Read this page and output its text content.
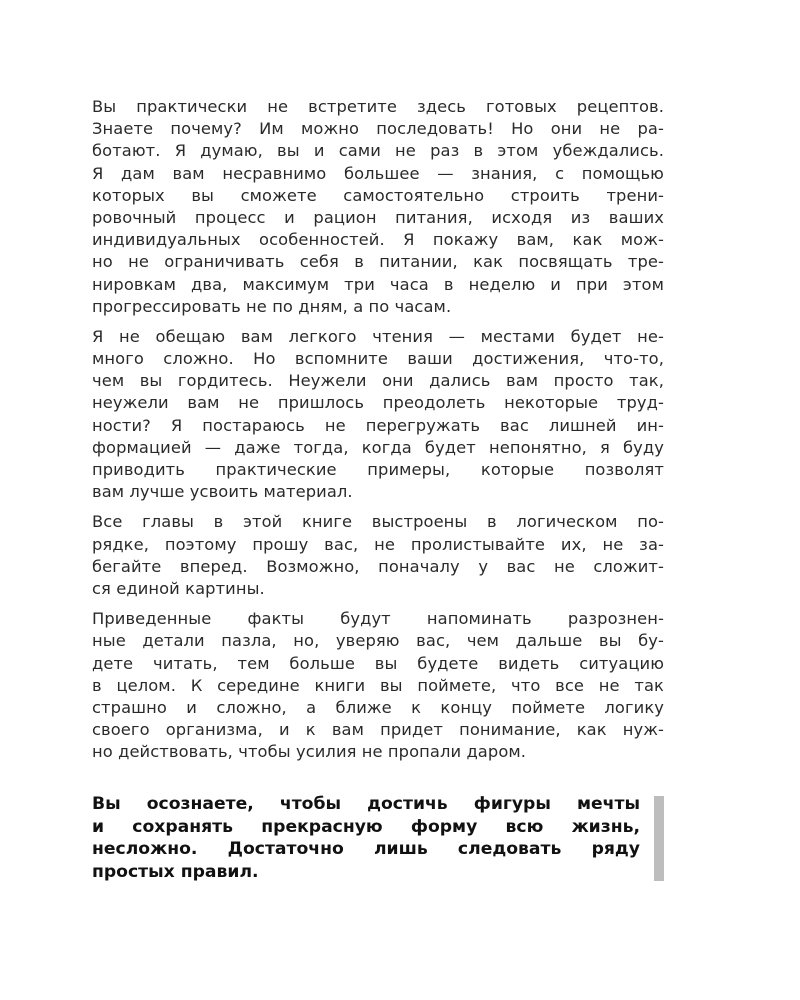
Вы практически не встретите здесь готовых рецептов.
Знаете почему? Им можно последовать! Но они не ра-
ботают. Я думаю, вы и сами не раз в этом убеждались.
Я дам вам несравнимо большее — знания, с помощью
которых вы сможете самостоятельно строить трени-
ровочный процесс и рацион питания, исходя из ваших
индивидуальных особенностей. Я покажу вам, как мож-
но не ограничивать себя в питании, как посвящать тре-
нировкам два, максимум три часа в неделю и при этом
прогрессировать не по дням, а по часам.
Я не обещаю вам легкого чтения — местами будет не-
много сложно. Но вспомните ваши достижения, что-то,
чем вы гордитесь. Неужели они дались вам просто так,
неужели вам не пришлось преодолеть некоторые труд-
ности? Я постараюсь не перегружать вас лишней ин-
формацией — даже тогда, когда будет непонятно, я буду
приводить практические примеры, которые позволят
вам лучше усвоить материал.
Все главы в этой книге выстроены в логическом по-
рядке, поэтому прошу вас, не пролистывайте их, не за-
бегайте вперед. Возможно, поначалу у вас не сложит-
ся единой картины.
Приведенные факты будут напоминать разрознен-
ные детали пазла, но, уверяю вас, чем дальше вы бу-
дете читать, тем больше вы будете видеть ситуацию
в целом. К середине книги вы поймете, что все не так
страшно и сложно, а ближе к концу поймете логику
своего организма, и к вам придет понимание, как нуж-
но действовать, чтобы усилия не пропали даром.
Вы осознаете, чтобы достичь фигуры мечты
и сохранять прекрасную форму всю жизнь,
несложно. Достаточно лишь следовать ряду
простых правил.
